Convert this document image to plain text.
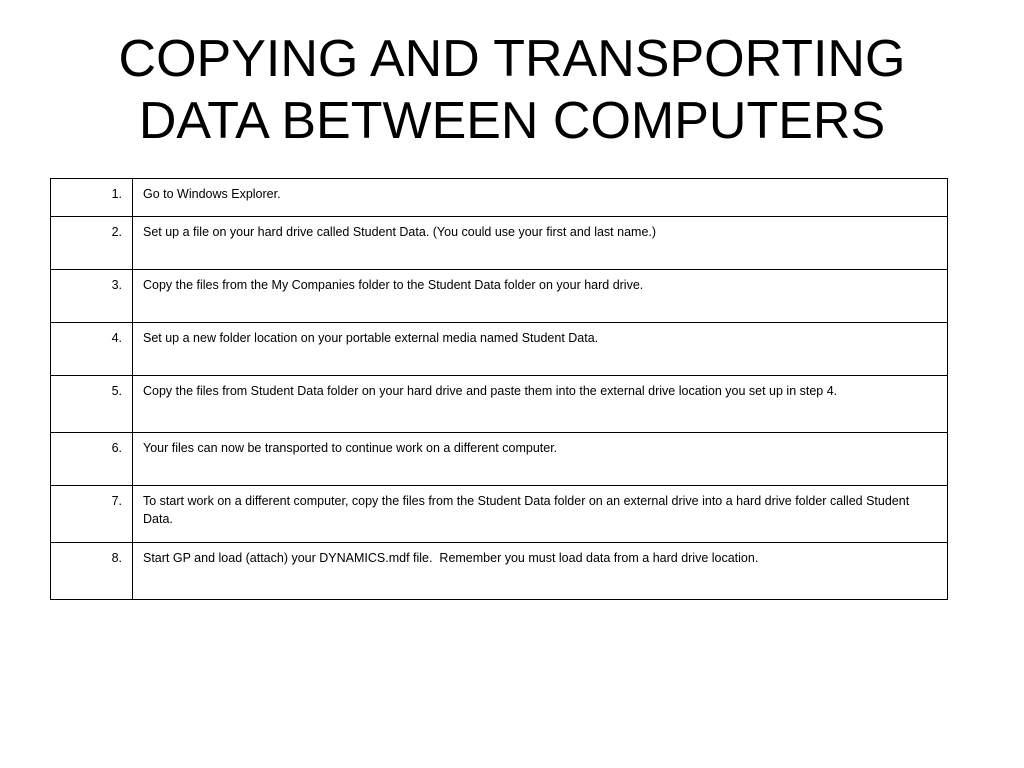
COPYING AND TRANSPORTING
DATA BETWEEN COMPUTERS
1.	Go to Windows Explorer.
2.	Set up a file on your hard drive called Student Data. (You could use your first and last name.)
3.	Copy the files from the My Companies folder to the Student Data folder on your hard drive.
4.	Set up a new folder location on your portable external media named Student Data.
5.	Copy the files from Student Data folder on your hard drive and paste them into the external drive location you set up in step 4.
6.	Your files can now be transported to continue work on a different computer.
7.	To start work on a different computer, copy the files from the Student Data folder on an external drive into a hard drive folder called Student Data.
8.	Start GP and load (attach) your DYNAMICS.mdf file.  Remember you must load data from a hard drive location.
